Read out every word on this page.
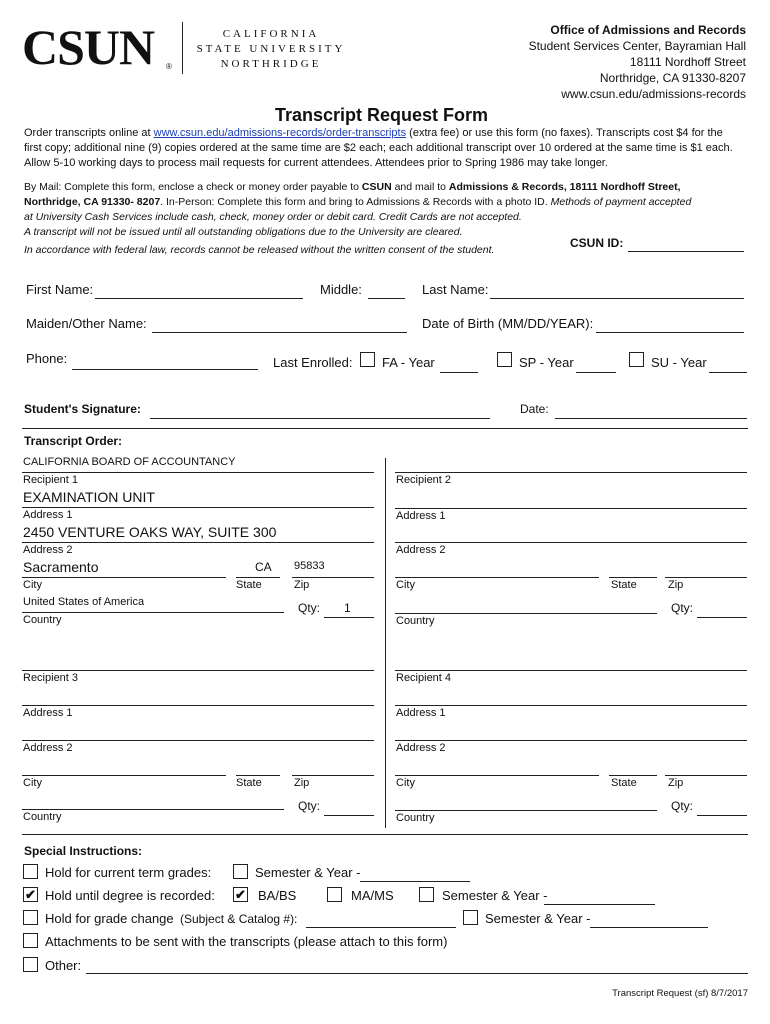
CSUN ®
CALIFORNIA
STATE UNIVERSITY
NORTHRIDGE
Office of Admissions and Records
Student Services Center, Bayramian Hall
18111 Nordhoff Street
Northridge, CA 91330-8207
www.csun.edu/admissions-records
Transcript Request Form
Order transcripts online at www.csun.edu/admissions-records/order-transcripts (extra fee) or use this form (no faxes). Transcripts cost $4 for the
first copy; additional nine (9) copies ordered at the same time are $2 each; each additional transcript over 10 ordered at the same time is $1 each.
Allow 5-10 working days to process mail requests for current attendees. Attendees prior to Spring 1986 may take longer.
By Mail: Complete this form, enclose a check or money order payable to CSUN and mail to Admissions & Records, 18111 Nordhoff Street,
Northridge, CA 91330- 8207. In-Person: Complete this form and bring to Admissions & Records with a photo ID. Methods of payment accepted
at University Cash Services include cash, check, money order or debit card. Credit Cards are not accepted.
A transcript will not be issued until all outstanding obligations due to the University are cleared.
In accordance with federal law, records cannot be released without the written consent of the student.	CSUN ID:
First Name:	Middle:	Last Name:
Maiden/Other Name:	Date of Birth (MM/DD/YEAR):
Phone:	Last Enrolled: FA - Year	SP - Year	SU - Year
Student's Signature:	Date:
Transcript Order:
CALIFORNIA BOARD OF ACCOUNTANCY
Recipient 1
EXAMINATION UNIT
Address 1
2450 VENTURE OAKS WAY, SUITE 300
Address 2
Sacramento	CA 95833
City	State	Zip
United States of America
Country
Qty: 1
Recipient 2
Address 1
Address 2
City	State	Zip
Country
Qty:
Recipient 3
Address 1
Address 2
City	State	Zip
Country
Qty:
Recipient 4
Address 1
Address 2
City	State	Zip
Country
Qty:
Special Instructions:
Hold for current term grades:	Semester & Year -
✔ Hold until degree is recorded: ✔ BA/BS	MA/MS	Semester & Year -
Hold for grade change (Subject & Catalog #):	Semester & Year -
Attachments to be sent with the transcripts (please attach to this form)
Other:
Transcript Request (sf) 8/7/2017
